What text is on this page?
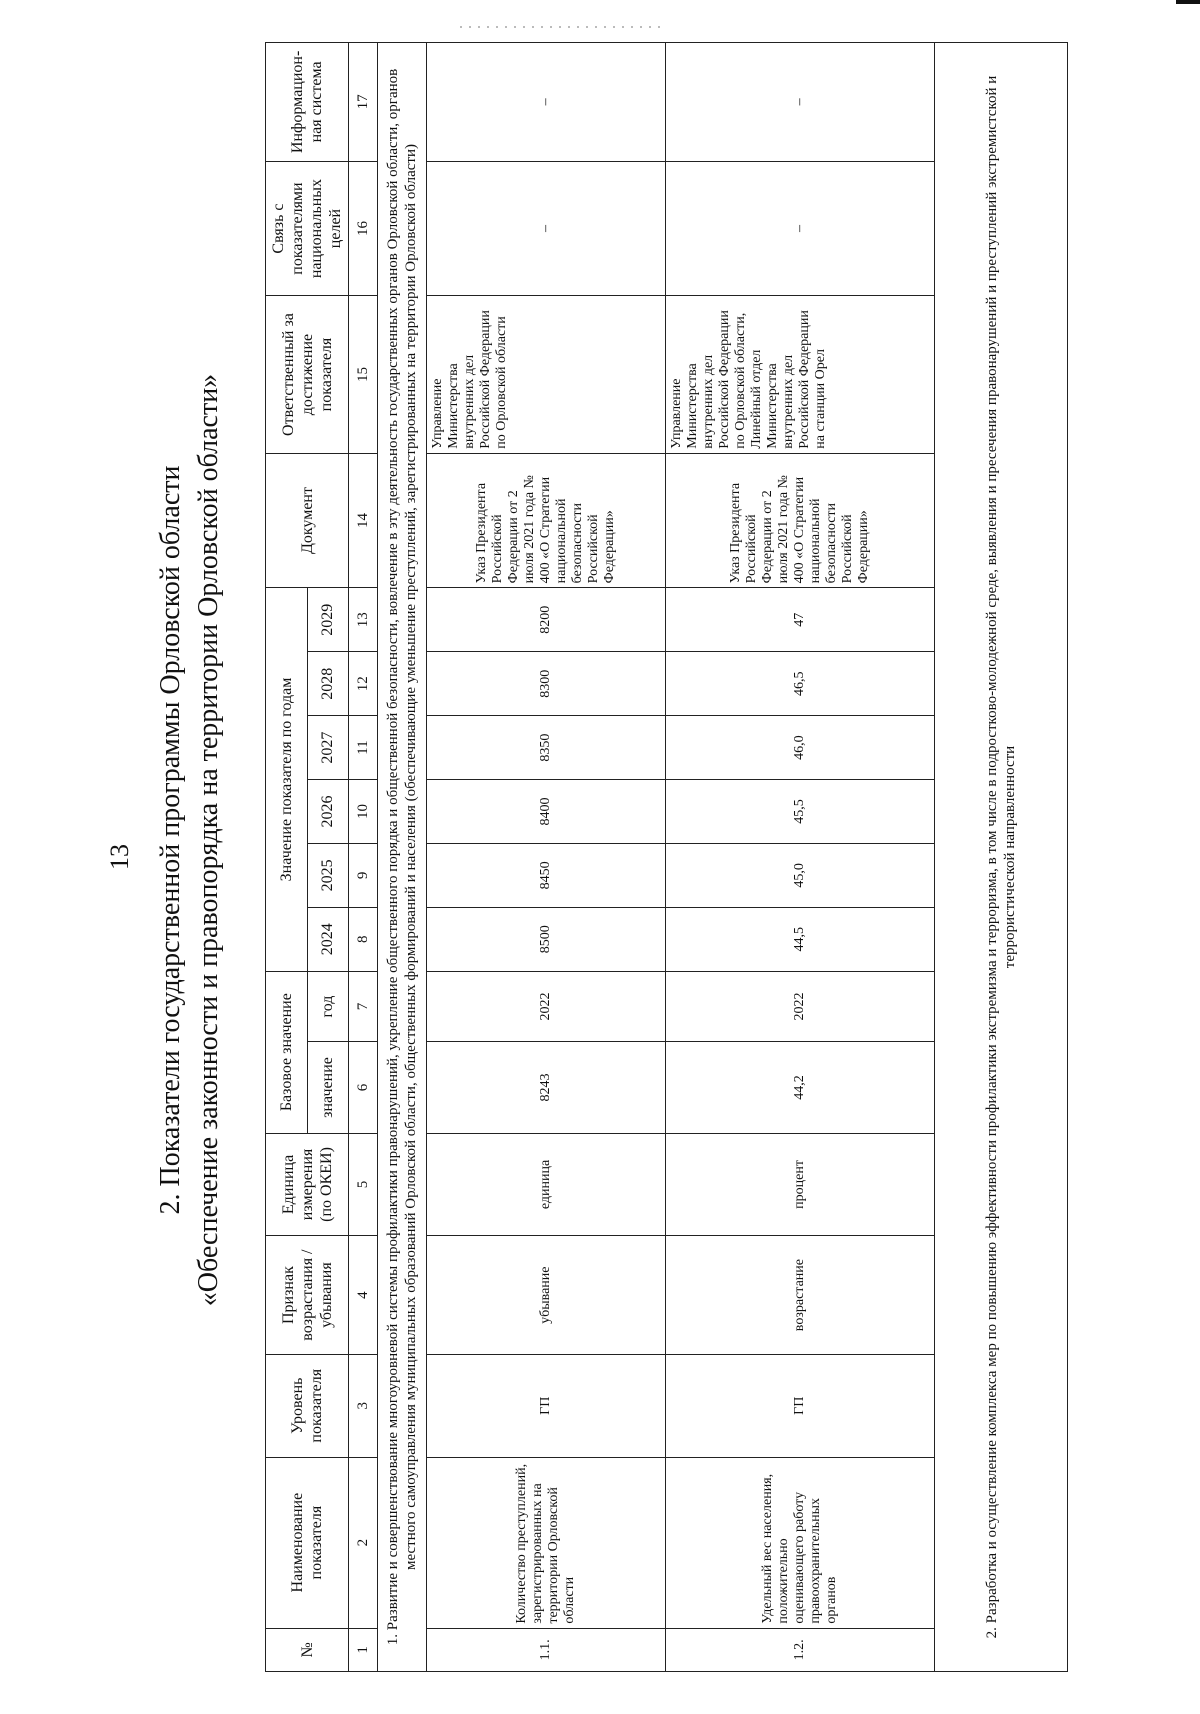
13 2. Показатели государственной программы Орловской области «Обеспечение законности и правопорядка на территории Орловской области»
№	Наименование показателя	Уровень показателя	Признак возрастания / убывания	Единица измерения (по ОКЕИ)	Базовое значение		Значение показателя по годам						Документ	Ответственный за достижение показателя	Связь с показателями национальных целей	Информацион-ная система
					значение	год	2024	2025	2026	2027	2028	2029				
1	2	3	4	5	6	7	8	9	10	11	12	13	14	15	16	17
1. Развитие и совершенствование многоуровневой системы профилактики правонарушений, укрепление общественного порядка и общественной безопасности, вовлечение в эту деятельность государственных органов Орловской области, органов местного самоуправления муниципальных образований Орловской области, общественных формирований и населения (обеспечивающие уменьшение преступлений, зарегистрированных на территории Орловской области)																
1.1.	Количество преступлений, зарегистрированных на территории Орловской области	ГП	убывание	единица	8243	2022	8500	8450	8400	8350	8300	8200	Указ Президента Российской Федерации от 2 июля 2021 года № 400 «О Стратегии национальной безопасности Российской Федерации»	Управление Министерства внутренних дел Российской Федерации по Орловской области	–	–
1.2.	Удельный вес населения, положительно оценивающего работу правоохранительных органов	ГП	возрастание	процент	44,2	2022	44,5	45,0	45,5	46,0	46,5	47	Указ Президента Российской Федерации от 2 июля 2021 года № 400 «О Стратегии национальной безопасности Российской Федерации»	Управление Министерства внутренних дел Российской Федерации по Орловской области, Линейный отдел Министерства внутренних дел Российской Федерации на станции Орел	–	–
2. Разработка и осуществление комплекса мер по повышению эффективности профилактики экстремизма и терроризма, в том числе в подростково-молодежной среде, выявления и пресечения правонарушений и преступлений экстремистской и террористической направленности																
